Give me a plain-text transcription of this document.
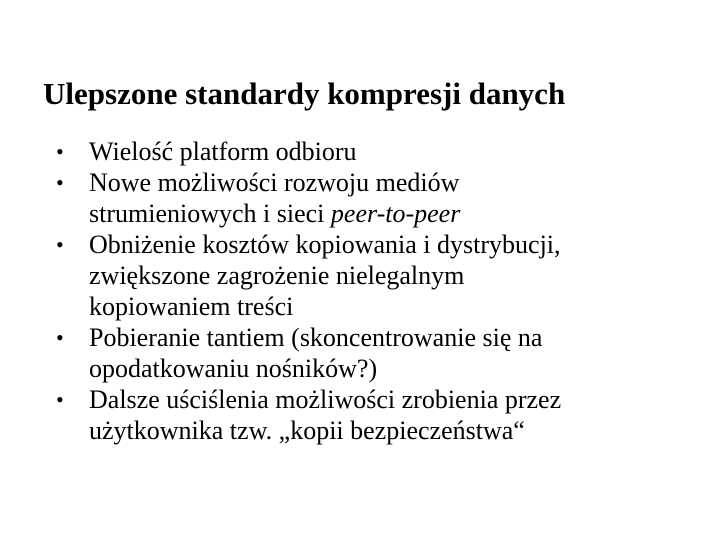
Ulepszone standardy kompresji danych
• Wielość platform odbioru
• Nowe możliwości rozwoju mediów
strumieniowych i sieci peer-to-peer
• Obniżenie kosztów kopiowania i dystrybucji,
zwiększone zagrożenie nielegalnym
kopiowaniem treści
• Pobieranie tantiem (skoncentrowanie się na
opodatkowaniu nośników?)
• Dalsze uściślenia możliwości zrobienia przez
użytkownika tzw. „kopii bezpieczeństwa“
